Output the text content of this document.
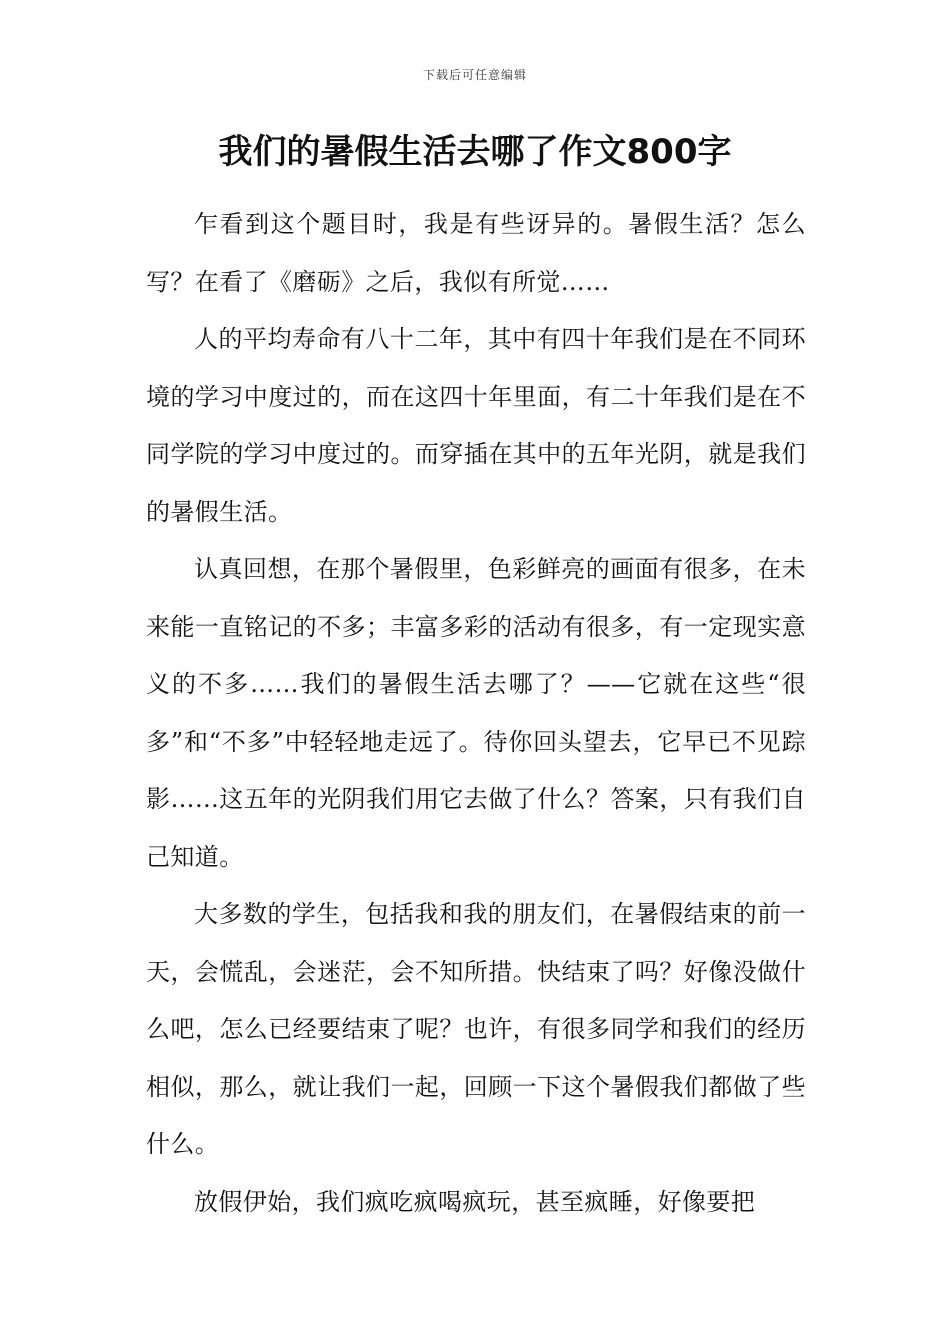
下载后可任意编辑
我们的暑假生活去哪了作文800字

乍看到这个题目时，我是有些讶异的。暑假生活？怎么写？在看了《磨砺》之后，我似有所觉……

人的平均寿命有八十二年，其中有四十年我们是在不同环境的学习中度过的，而在这四十年里面，有二十年我们是在不同学院的学习中度过的。而穿插在其中的五年光阴，就是我们的暑假生活。

认真回想，在那个暑假里，色彩鲜亮的画面有很多，在未来能一直铭记的不多；丰富多彩的活动有很多，有一定现实意义的不多……我们的暑假生活去哪了？——它就在这些“很多”和“不多”中轻轻地走远了。待你回头望去，它早已不见踪影……这五年的光阴我们用它去做了什么？答案，只有我们自己知道。

大多数的学生，包括我和我的朋友们，在暑假结束的前一天，会慌乱，会迷茫，会不知所措。快结束了吗？好像没做什么吧，怎么已经要结束了呢？也许，有很多同学和我们的经历相似，那么，就让我们一起，回顾一下这个暑假我们都做了些什么。

放假伊始，我们疯吃疯喝疯玩，甚至疯睡，好像要把
